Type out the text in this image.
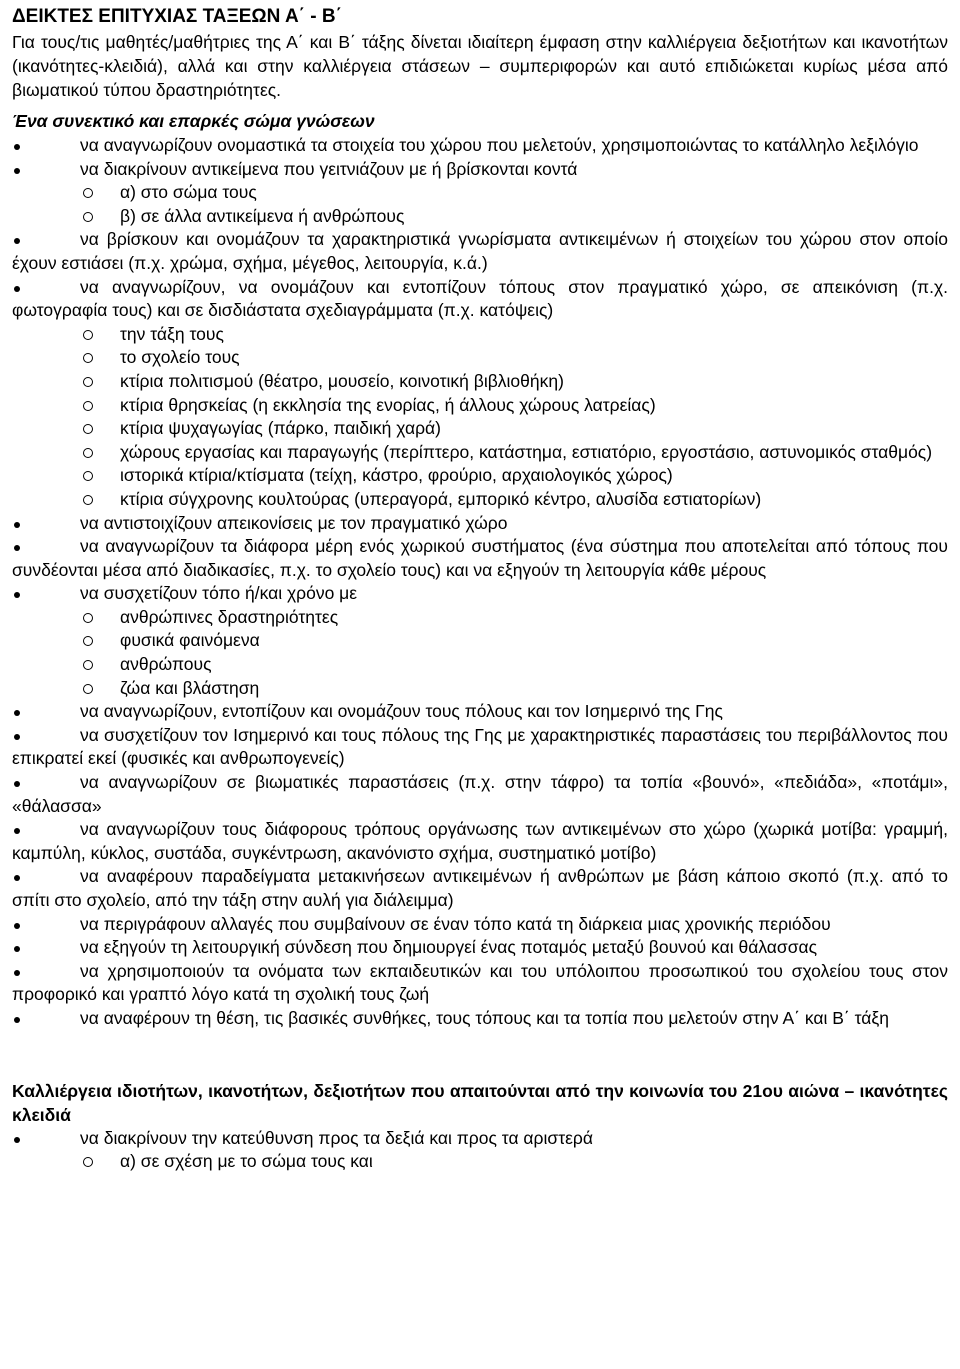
ΔΕΙΚΤΕΣ ΕΠΙΤΥΧΙΑΣ ΤΑΞΕΩΝ Α΄ - Β΄

Για τους/τις μαθητές/μαθήτριες της Α΄ και Β΄ τάξης δίνεται ιδιαίτερη έμφαση στην καλλιέργεια δεξιοτήτων και ικανοτήτων (ικανότητες-κλειδιά), αλλά και στην καλλιέργεια στάσεων – συμπεριφορών και αυτό επιδιώκεται κυρίως μέσα από βιωματικού τύπου δραστηριότητες.

Ένα συνεκτικό και επαρκές σώμα γνώσεων
να αναγνωρίζουν ονομαστικά τα στοιχεία του χώρου που μελετούν, χρησιμοποιώντας το κατάλληλο λεξιλόγιο
να διακρίνουν αντικείμενα που γειτνιάζουν με ή βρίσκονται κοντά
α) στο σώμα τους
β) σε άλλα αντικείμενα ή ανθρώπους
να βρίσκουν και ονομάζουν τα χαρακτηριστικά γνωρίσματα αντικειμένων ή στοιχείων του χώρου στον οποίο έχουν εστιάσει (π.χ. χρώμα, σχήμα, μέγεθος, λειτουργία, κ.ά.)
να αναγνωρίζουν, να ονομάζουν και εντοπίζουν τόπους στον πραγματικό χώρο, σε απεικόνιση (π.χ. φωτογραφία τους) και σε δισδιάστατα σχεδιαγράμματα (π.χ. κατόψεις)
την τάξη τους
το σχολείο τους
κτίρια πολιτισμού (θέατρο, μουσείο, κοινοτική βιβλιοθήκη)
κτίρια θρησκείας (η εκκλησία της ενορίας, ή άλλους χώρους λατρείας)
κτίρια ψυχαγωγίας (πάρκο, παιδική χαρά)
χώρους εργασίας και παραγωγής (περίπτερο, κατάστημα, εστιατόριο, εργοστάσιο, αστυνομικός σταθμός)
ιστορικά κτίρια/κτίσματα (τείχη, κάστρο, φρούριο, αρχαιολογικός χώρος)
κτίρια σύγχρονης κουλτούρας (υπεραγορά, εμπορικό κέντρο, αλυσίδα εστιατορίων)
να αντιστοιχίζουν απεικονίσεις με τον πραγματικό χώρο
να αναγνωρίζουν τα διάφορα μέρη ενός χωρικού συστήματος (ένα σύστημα που αποτελείται από τόπους που συνδέονται μέσα από διαδικασίες, π.χ. το σχολείο τους) και να εξηγούν τη λειτουργία κάθε μέρους
να συσχετίζουν τόπο ή/και χρόνο με
ανθρώπινες δραστηριότητες
φυσικά φαινόμενα
ανθρώπους
ζώα και βλάστηση
να αναγνωρίζουν, εντοπίζουν και ονομάζουν τους πόλους και τον Ισημερινό της Γης
να συσχετίζουν τον Ισημερινό και τους πόλους της Γης με χαρακτηριστικές παραστάσεις του περιβάλλοντος που επικρατεί εκεί (φυσικές και ανθρωπογενείς)
να αναγνωρίζουν σε βιωματικές παραστάσεις (π.χ. στην τάφρο) τα τοπία «βουνό», «πεδιάδα», «ποτάμι», «θάλασσα»
να αναγνωρίζουν τους διάφορους τρόπους οργάνωσης των αντικειμένων στο χώρο (χωρικά μοτίβα: γραμμή, καμπύλη, κύκλος, συστάδα, συγκέντρωση, ακανόνιστο σχήμα, συστηματικό μοτίβο)
να αναφέρουν παραδείγματα μετακινήσεων αντικειμένων ή ανθρώπων με βάση κάποιο σκοπό (π.χ. από το σπίτι στο σχολείο, από την τάξη στην αυλή για διάλειμμα)
να περιγράφουν αλλαγές που συμβαίνουν σε έναν τόπο κατά τη διάρκεια μιας χρονικής περιόδου
να εξηγούν τη λειτουργική σύνδεση που δημιουργεί ένας ποταμός μεταξύ βουνού και θάλασσας
να χρησιμοποιούν τα ονόματα των εκπαιδευτικών και του υπόλοιπου προσωπικού του σχολείου τους στον προφορικό και γραπτό λόγο κατά τη σχολική τους ζωή
να αναφέρουν τη θέση, τις βασικές συνθήκες, τους τόπους και τα τοπία που μελετούν στην Α΄ και Β΄ τάξη
Καλλιέργεια ιδιοτήτων, ικανοτήτων, δεξιοτήτων που απαιτούνται από την κοινωνία του 21ου αιώνα – ικανότητες κλειδιά
να διακρίνουν την κατεύθυνση προς τα δεξιά και προς τα αριστερά
α) σε σχέση με το σώμα τους και
